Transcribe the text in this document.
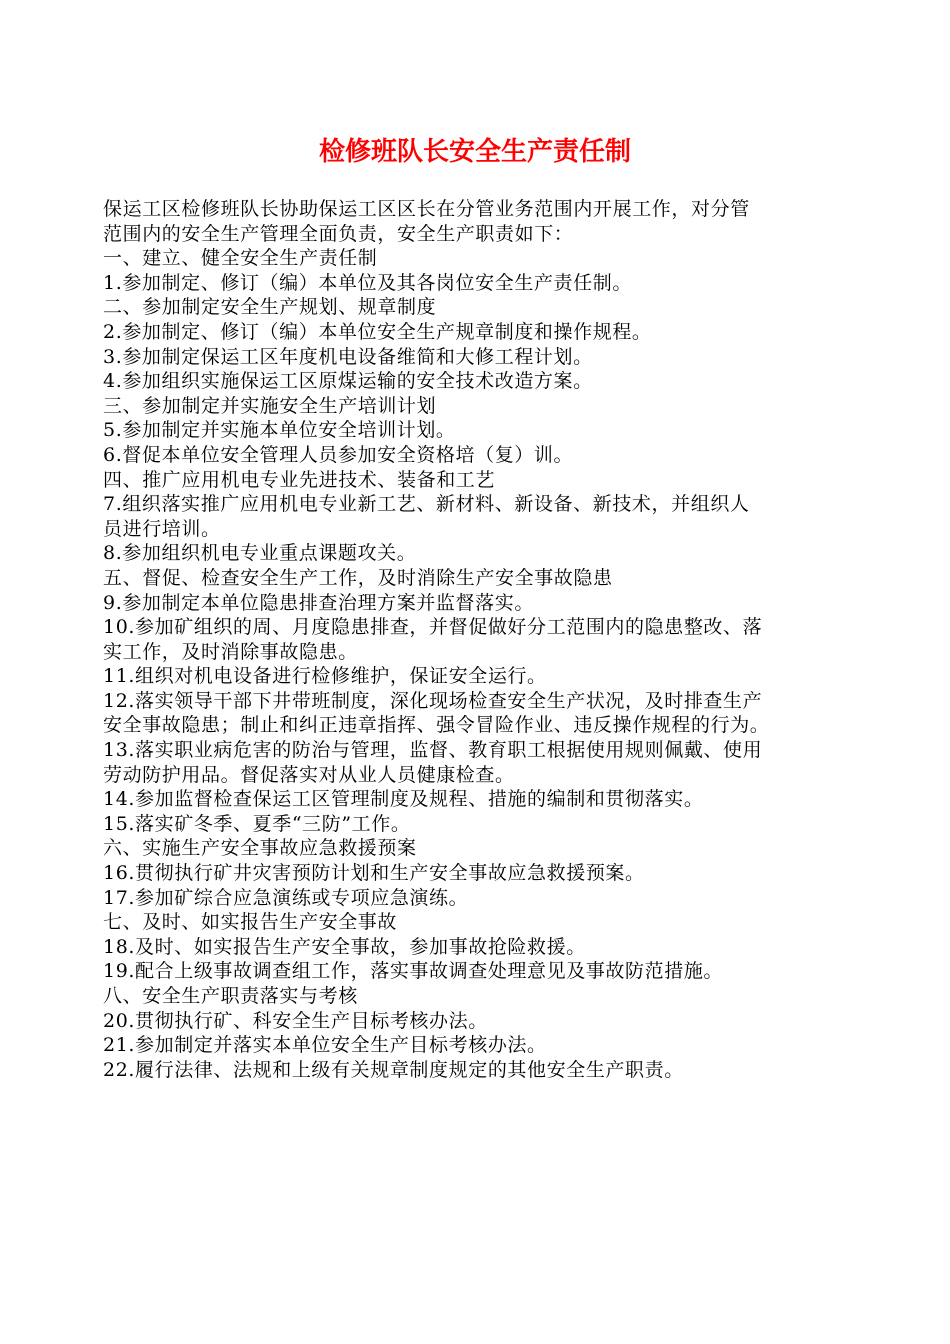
检修班队长安全生产责任制
保运工区检修班队长协助保运工区区长在分管业务范围内开展工作，对分管
范围内的安全生产管理全面负责，安全生产职责如下：
一、建立、健全安全生产责任制
1.参加制定、修订（编）本单位及其各岗位安全生产责任制。
二、参加制定安全生产规划、规章制度
2.参加制定、修订（编）本单位安全生产规章制度和操作规程。
3.参加制定保运工区年度机电设备维简和大修工程计划。
4.参加组织实施保运工区原煤运输的安全技术改造方案。
三、参加制定并实施安全生产培训计划
5.参加制定并实施本单位安全培训计划。
6.督促本单位安全管理人员参加安全资格培（复）训。
四、推广应用机电专业先进技术、装备和工艺
7.组织落实推广应用机电专业新工艺、新材料、新设备、新技术，并组织人
员进行培训。
8.参加组织机电专业重点课题攻关。
五、督促、检查安全生产工作，及时消除生产安全事故隐患
9.参加制定本单位隐患排查治理方案并监督落实。
10.参加矿组织的周、月度隐患排查，并督促做好分工范围内的隐患整改、落
实工作，及时消除事故隐患。
11.组织对机电设备进行检修维护，保证安全运行。
12.落实领导干部下井带班制度，深化现场检查安全生产状况，及时排查生产
安全事故隐患；制止和纠正违章指挥、强令冒险作业、违反操作规程的行为。
13.落实职业病危害的防治与管理，监督、教育职工根据使用规则佩戴、使用
劳动防护用品。督促落实对从业人员健康检查。
14.参加监督检查保运工区管理制度及规程、措施的编制和贯彻落实。
15.落实矿冬季、夏季“三防”工作。
六、实施生产安全事故应急救援预案
16.贯彻执行矿井灾害预防计划和生产安全事故应急救援预案。
17.参加矿综合应急演练或专项应急演练。
七、及时、如实报告生产安全事故
18.及时、如实报告生产安全事故，参加事故抢险救援。
19.配合上级事故调查组工作，落实事故调查处理意见及事故防范措施。
八、安全生产职责落实与考核
20.贯彻执行矿、科安全生产目标考核办法。
21.参加制定并落实本单位安全生产目标考核办法。
22.履行法律、法规和上级有关规章制度规定的其他安全生产职责。
